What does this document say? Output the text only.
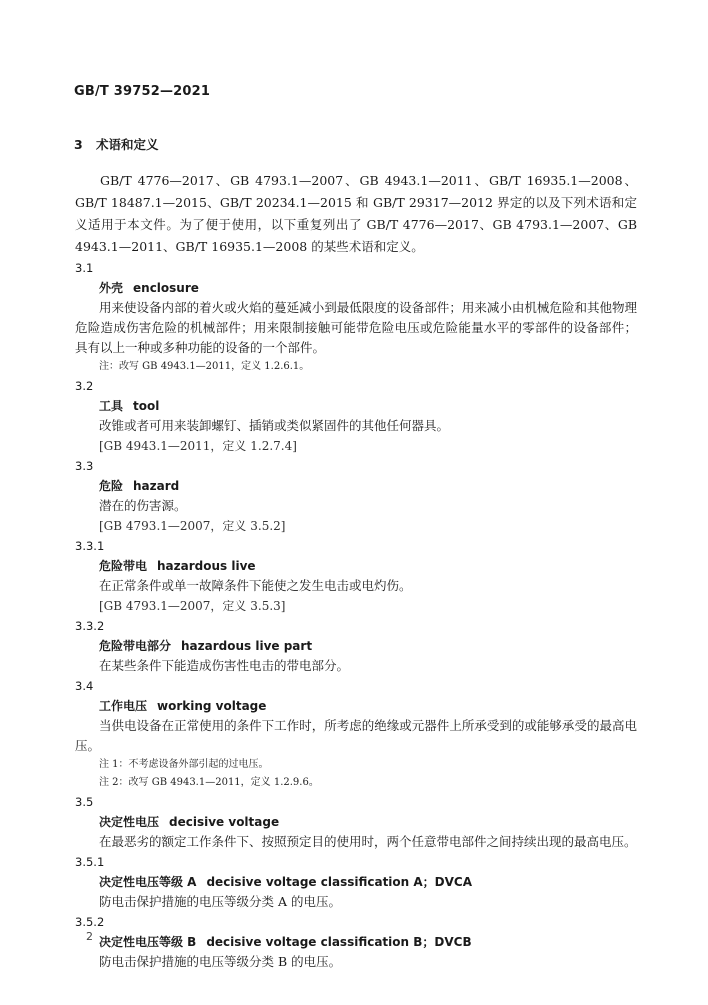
GB/T 39752—2021
3 术语和定义

GB/T 4776—2017、GB 4793.1—2007、GB 4943.1—2011、GB/T 16935.1—2008、GB/T 18487.1—2015、GB/T 20234.1—2015 和 GB/T 29317—2012 界定的以及下列术语和定义适用于本文件。为了便于使用，以下重复列出了 GB/T 4776—2017、GB 4793.1—2007、GB 4943.1—2011、GB/T 16935.1—2008 的某些术语和定义。

3.1
外壳 enclosure
用来使设备内部的着火或火焰的蔓延减小到最低限度的设备部件；用来减小由机械危险和其他物理危险造成伤害危险的机械部件；用来限制接触可能带危险电压或危险能量水平的零部件的设备部件；具有以上一种或多种功能的设备的一个部件。
注：改写 GB 4943.1—2011，定义 1.2.6.1。
3.2
工具 tool
改锥或者可用来装卸螺钉、插销或类似紧固件的其他任何器具。
[GB 4943.1—2011，定义 1.2.7.4]
3.3
危险 hazard
潜在的伤害源。
[GB 4793.1—2007，定义 3.5.2]
3.3.1
危险带电 hazardous live
在正常条件或单一故障条件下能使之发生电击或电灼伤。
[GB 4793.1—2007，定义 3.5.3]
3.3.2
危险带电部分 hazardous live part
在某些条件下能造成伤害性电击的带电部分。
3.4
工作电压 working voltage
当供电设备在正常使用的条件下工作时，所考虑的绝缘或元器件上所承受到的或能够承受的最高电压。
注 1：不考虑设备外部引起的过电压。
注 2：改写 GB 4943.1—2011，定义 1.2.9.6。
3.5
决定性电压 decisive voltage
在最恶劣的额定工作条件下、按照预定目的使用时，两个任意带电部件之间持续出现的最高电压。
3.5.1
决定性电压等级 A decisive voltage classification A；DVCA
防电击保护措施的电压等级分类 A 的电压。
3.5.2
决定性电压等级 B decisive voltage classification B；DVCB
防电击保护措施的电压等级分类 B 的电压。
2
